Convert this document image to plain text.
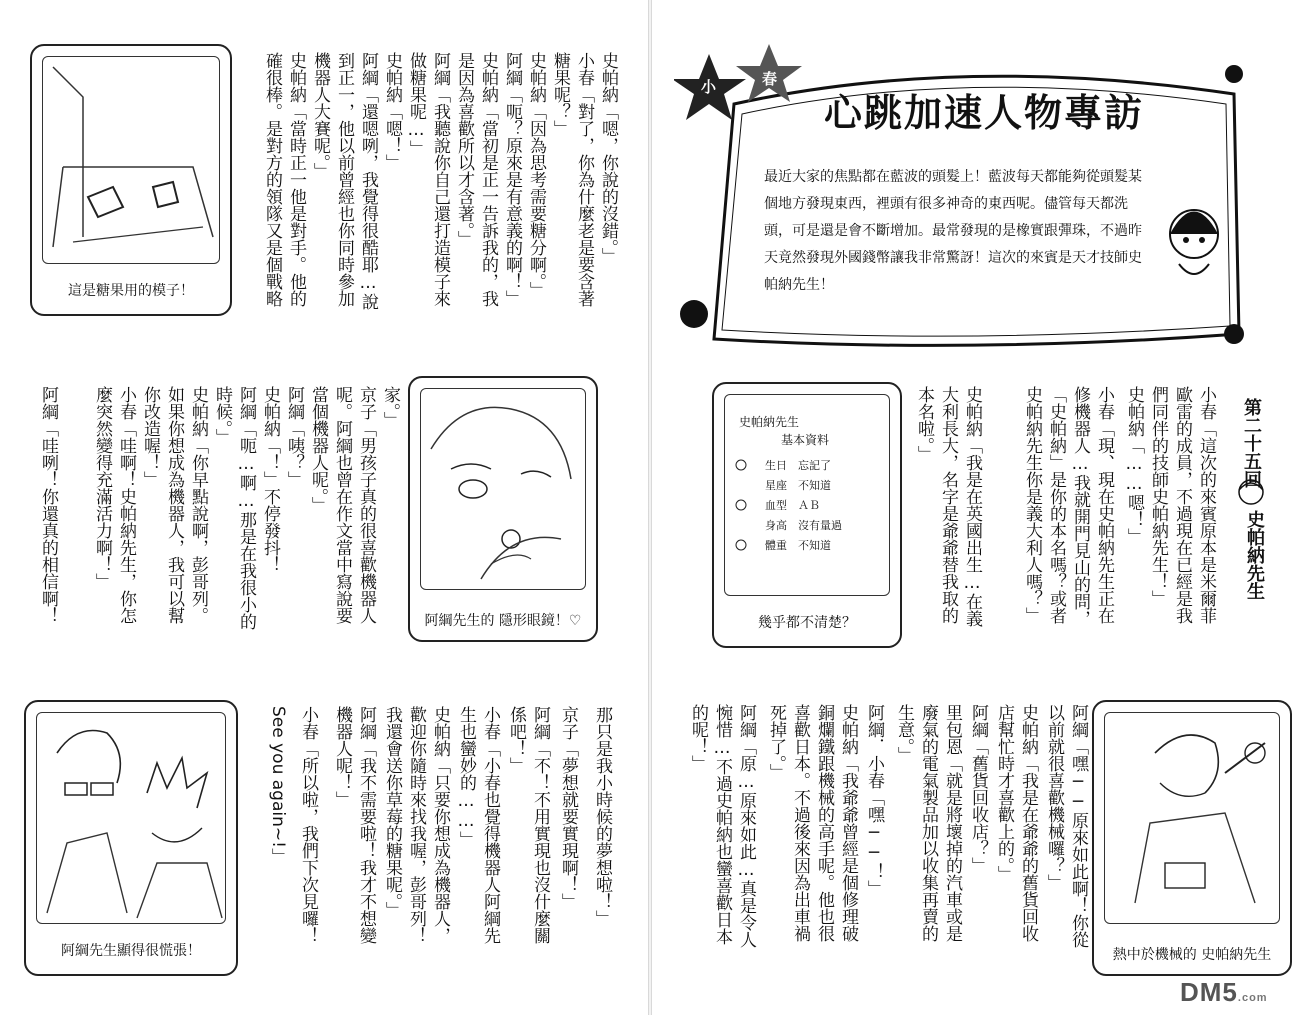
這是糖果用的模子！
史帕納「嗯，你說的沒錯。」
小春「對了，你為什麼老是要含著
糖果呢？」
史帕納「因為思考需要糖分啊。」
阿綱「呃？原來是有意義的啊！」
史帕納「當初是正一告訴我的，我
是因為喜歡所以才含著。」
阿綱「我聽說你自己還打造模子來
做糖果呢…」
史帕納「嗯！」
阿綱「還嗯咧，我覺得很酷耶…說
到正一，他以前曾經也你同時參加
機器人大賽呢。」
史帕納「當時正一他是對手。他的
確很棒。是對方的領隊又是個戰略
阿綱先生的 隱形眼鏡！♡
家。」
京子「男孩子真的很喜歡機器人
呢。阿綱也曾在作文當中寫說要
當個機器人呢。」
阿綱「咦？」
史帕納「！」不停發抖！
阿綱「呃…啊…那是在我很小的
時候。」
史帕納「你早點說啊，彭哥列。
如果你想成為機器人，我可以幫
你改造喔！」
小春「哇啊！史帕納先生，你怎
麼突然變得充滿活力啊！」
阿綱「哇咧！你還真的相信啊！
阿綱先生顯得很慌張！
那只是我小時候的夢想啦！」
京子「夢想就要實現啊！」
阿綱「不！不用實現也沒什麼關
係吧！」
小春「小春也覺得機器人阿綱先
生也蠻妙的……」
史帕納「只要你想成為機器人，
歡迎你隨時來找我喔，彭哥列！
我還會送你草莓的糖果呢。」
阿綱「我不需要啦！我才不想變
機器人呢！」
小春「所以啦，我們下次見囉！
See you again~!」
小	春
心跳加速人物專訪
最近大家的焦點都在藍波的頭髮上！藍波每天都能夠從頭髮某個地方發現東西，裡頭有很多神奇的東西呢。儘管每天都洗頭，可是還是會不斷增加。最常發現的是橡實跟彈珠，不過昨天竟然發現外國錢幣讓我非常驚訝！這次的來賓是天才技師史帕納先生！
第二十五回
史帕納先生
小春「這次的來賓原本是米爾菲
歐雷的成員，不過現在已經是我
們同伴的技師史帕納先生！」
史帕納「……嗯！」
小春「現、現在史帕納先生正在
修機器人…我就開門見山的問，
「史帕納」是你的本名嗎？或者
史帕納先生你是義大利人嗎？」
史帕納「我是在英國出生…在義
大利長大，名字是爺爺替我取的
本名啦。」
史帕納先生
基本資料
生日　忘記了
星座　不知道
血型　ＡＢ
身高　沒有量過
體重　不知道
幾乎都不清楚？
阿綱「嘿──原來如此啊！你從
以前就很喜歡機械囉？」
史帕納「我是在爺爺的舊貨回收
店幫忙時才喜歡上的。」
阿綱「舊貨回收店？」
里包恩「就是將壞掉的汽車或是
廢氣的電氣製品加以收集再賣的
生意。」
阿綱．小春「嘿──！」
史帕納「我爺爺曾經是個修理破
銅爛鐵跟機械的高手呢。他也很
喜歡日本。不過後來因為出車禍
死掉了。」
阿綱「原…原來如此…真是令人
惋惜…不過史帕納也蠻喜歡日本
的呢！」
熱中於機械的 史帕納先生
DM5.com
